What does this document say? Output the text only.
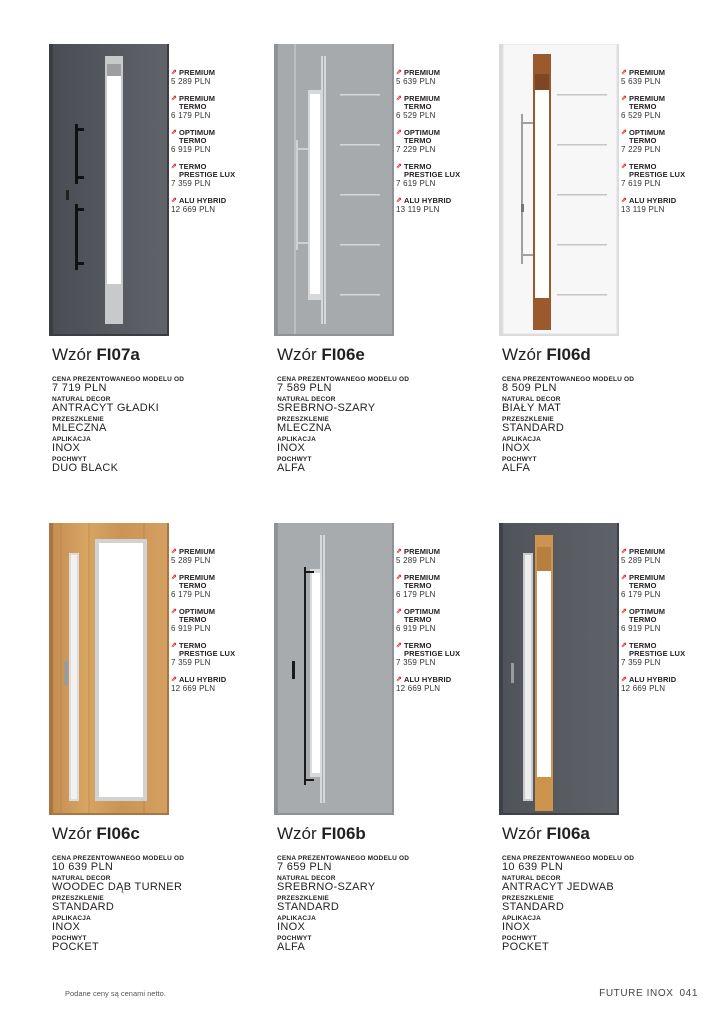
⇗ PREMIUM
5 289 PLN
⇗ PREMIUM
TERMO
6 179 PLN
⇗ OPTIMUM
TERMO
6 919 PLN
⇗ TERMO
PRESTIGE LUX
7 359 PLN
⇗ ALU HYBRID
12 669 PLN
Wzór FI07a
CENA PREZENTOWANEGO MODELU OD
7 719 PLN
NATURAL DECOR
ANTRACYT GŁADKI
PRZESZKLENIE
MLECZNA
APLIKACJA
INOX
POCHWYT
DUO BLACK
⇗ PREMIUM
5 639 PLN
⇗ PREMIUM
TERMO
6 529 PLN
⇗ OPTIMUM
TERMO
7 229 PLN
⇗ TERMO
PRESTIGE LUX
7 619 PLN
⇗ ALU HYBRID
13 119 PLN
Wzór FI06e
CENA PREZENTOWANEGO MODELU OD
7 589 PLN
NATURAL DECOR
SREBRNO-SZARY
PRZESZKLENIE
MLECZNA
APLIKACJA
INOX
POCHWYT
ALFA
⇗ PREMIUM
5 639 PLN
⇗ PREMIUM
TERMO
6 529 PLN
⇗ OPTIMUM
TERMO
7 229 PLN
⇗ TERMO
PRESTIGE LUX
7 619 PLN
⇗ ALU HYBRID
13 119 PLN
Wzór FI06d
CENA PREZENTOWANEGO MODELU OD
8 509 PLN
NATURAL DECOR
BIAŁY MAT
PRZESZKLENIE
STANDARD
APLIKACJA
INOX
POCHWYT
ALFA
⇗ PREMIUM
5 289 PLN
⇗ PREMIUM
TERMO
6 179 PLN
⇗ OPTIMUM
TERMO
6 919 PLN
⇗ TERMO
PRESTIGE LUX
7 359 PLN
⇗ ALU HYBRID
12 669 PLN
Wzór FI06c
CENA PREZENTOWANEGO MODELU OD
10 639 PLN
NATURAL DECOR
WOODEC DĄB TURNER
PRZESZKLENIE
STANDARD
APLIKACJA
INOX
POCHWYT
POCKET
⇗ PREMIUM
5 289 PLN
⇗ PREMIUM
TERMO
6 179 PLN
⇗ OPTIMUM
TERMO
6 919 PLN
⇗ TERMO
PRESTIGE LUX
7 359 PLN
⇗ ALU HYBRID
12 669 PLN
Wzór FI06b
CENA PREZENTOWANEGO MODELU OD
7 659 PLN
NATURAL DECOR
SREBRNO-SZARY
PRZESZKLENIE
STANDARD
APLIKACJA
INOX
POCHWYT
ALFA
⇗ PREMIUM
5 289 PLN
⇗ PREMIUM
TERMO
6 179 PLN
⇗ OPTIMUM
TERMO
6 919 PLN
⇗ TERMO
PRESTIGE LUX
7 359 PLN
⇗ ALU HYBRID
12 669 PLN
Wzór FI06a
CENA PREZENTOWANEGO MODELU OD
10 639 PLN
NATURAL DECOR
ANTRACYT JEDWAB
PRZESZKLENIE
STANDARD
APLIKACJA
INOX
POCHWYT
POCKET
Podane ceny są cenami netto.	FUTURE INOX 041
